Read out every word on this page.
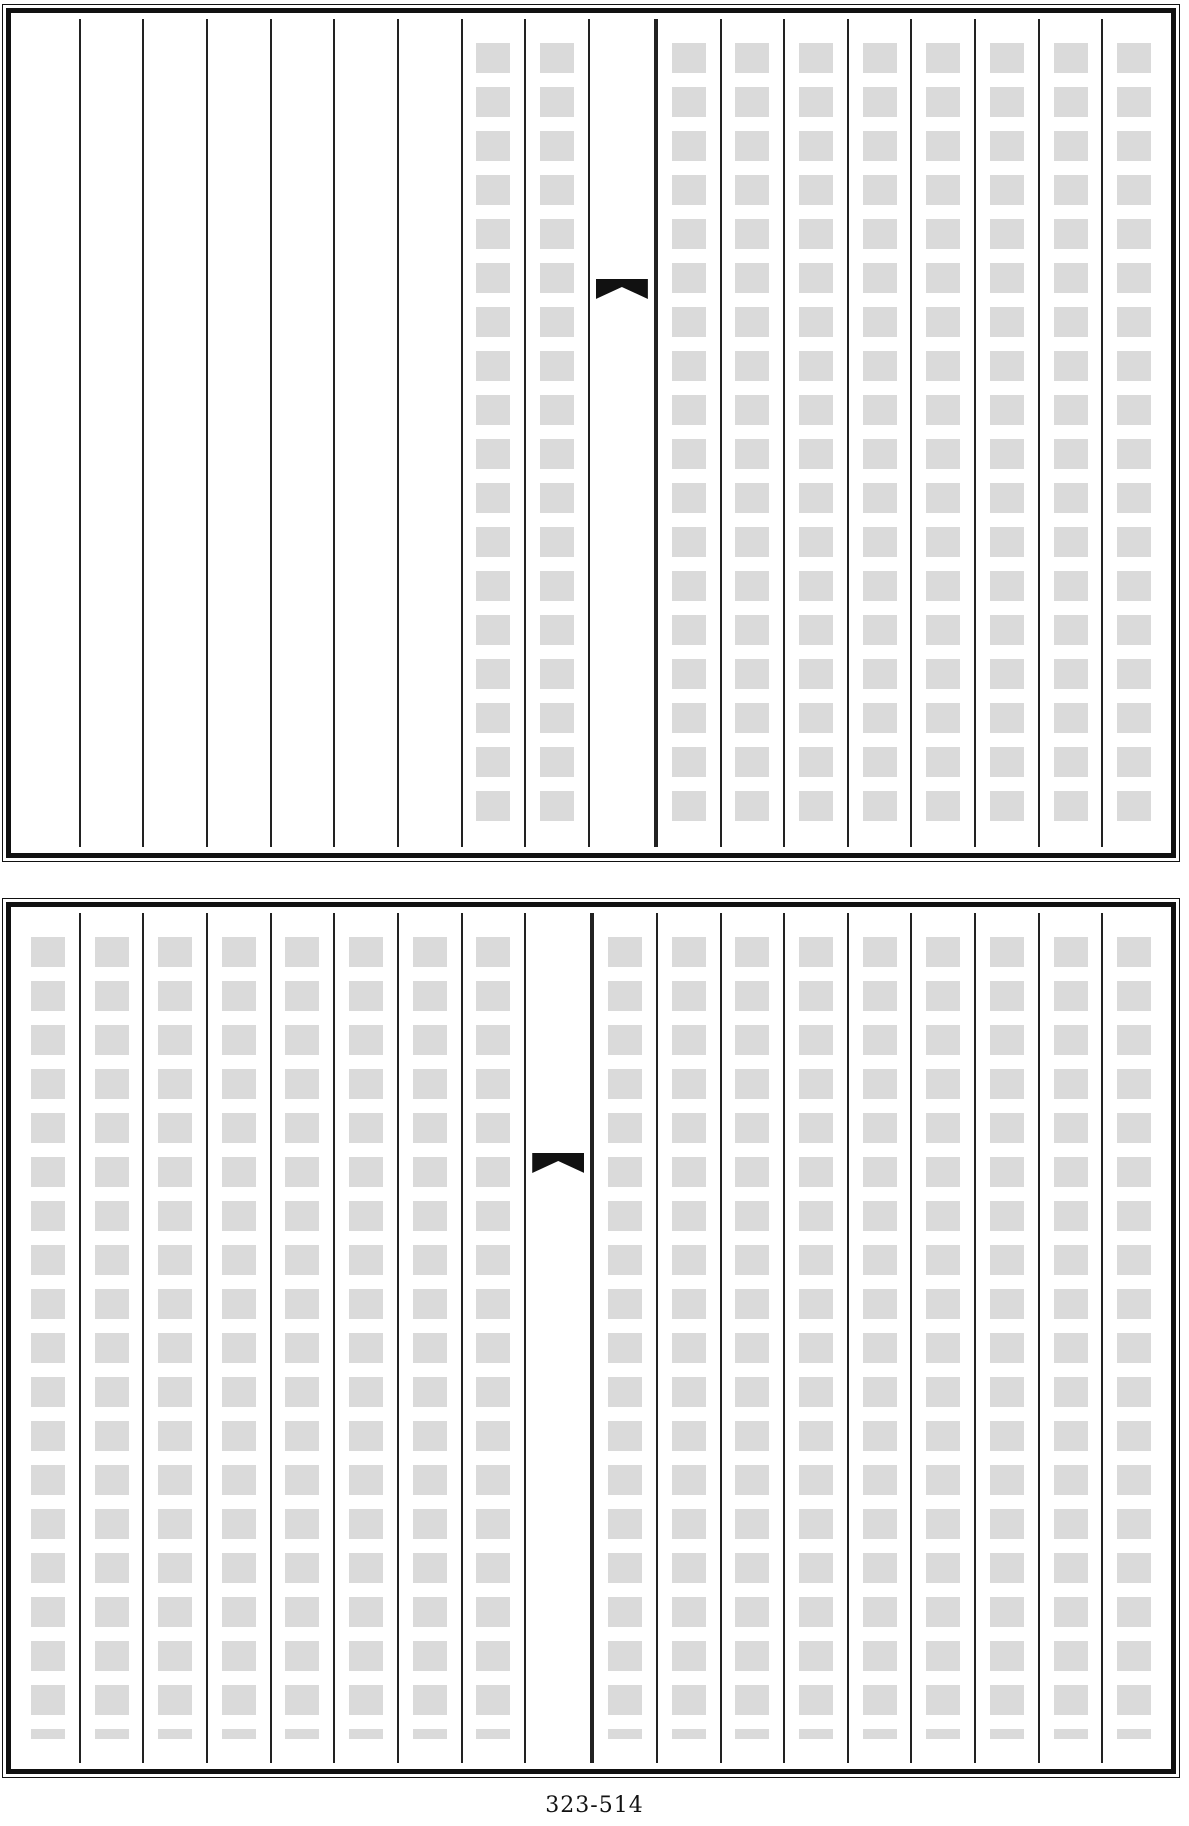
323-514
